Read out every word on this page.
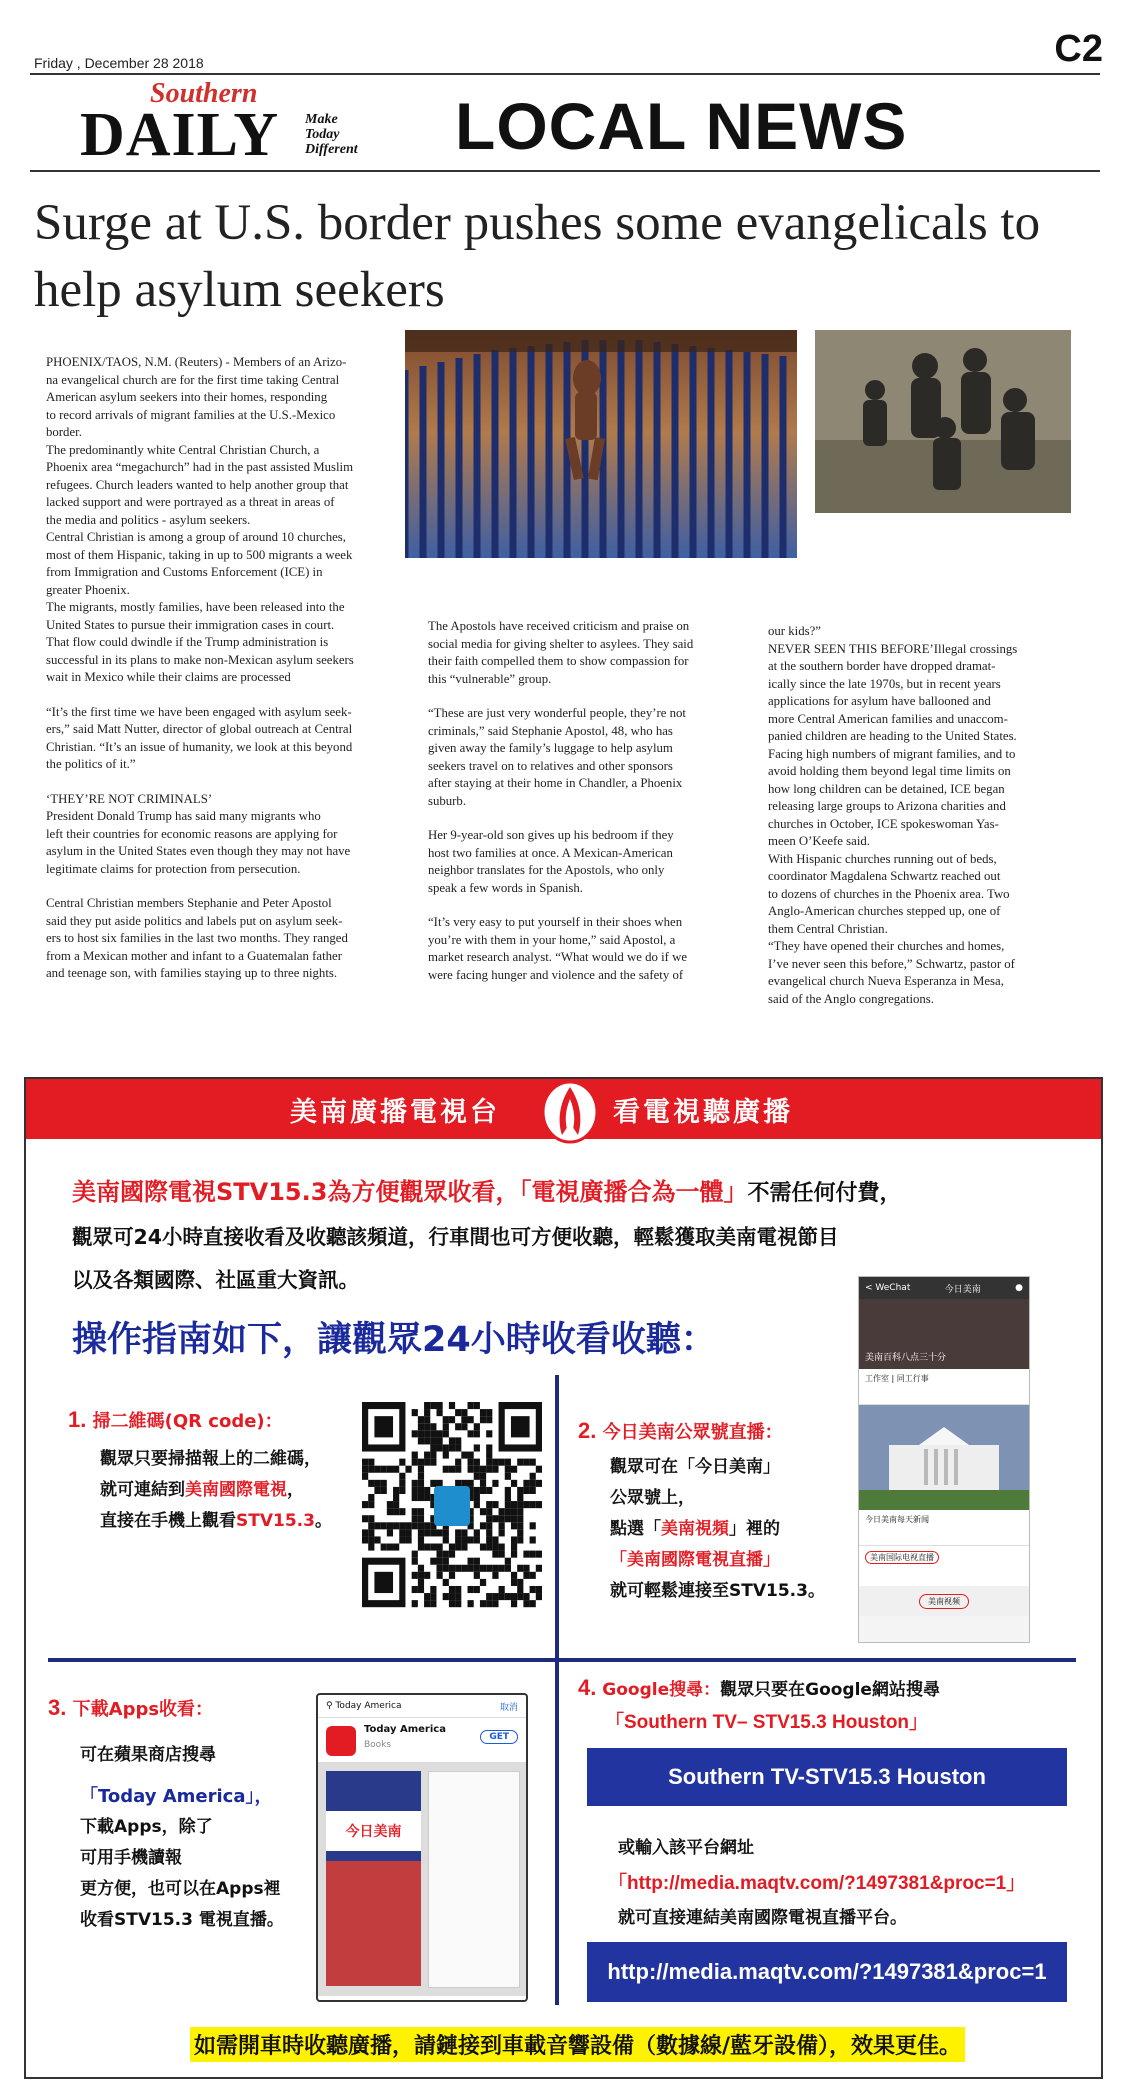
Friday , December 28 2018	C2
Southern
DAILY Make
Today
Different LOCAL NEWS
Surge at U.S. border pushes some evangelicals to help asylum seekers

PHOENIX/TAOS, N.M. (Reuters) - Members of an Arizo-

na evangelical church are for the first time taking Central

American asylum seekers into their homes, responding

to record arrivals of migrant families at the U.S.-Mexico

border.

The predominantly white Central Christian Church, a

Phoenix area “megachurch” had in the past assisted Muslim

refugees. Church leaders wanted to help another group that

lacked support and were portrayed as a threat in areas of

the media and politics - asylum seekers.

Central Christian is among a group of around 10 churches,

most of them Hispanic, taking in up to 500 migrants a week

from Immigration and Customs Enforcement (ICE) in

greater Phoenix.

The migrants, mostly families, have been released into the

United States to pursue their immigration cases in court.

That flow could dwindle if the Trump administration is

successful in its plans to make non-Mexican asylum seekers

wait in Mexico while their claims are processed

“It’s the first time we have been engaged with asylum seek-

ers,” said Matt Nutter, director of global outreach at Central

Christian. “It’s an issue of humanity, we look at this beyond

the politics of it.”

‘THEY’RE NOT CRIMINALS’

President Donald Trump has said many migrants who

left their countries for economic reasons are applying for

asylum in the United States even though they may not have

legitimate claims for protection from persecution.

Central Christian members Stephanie and Peter Apostol

said they put aside politics and labels put on asylum seek-

ers to host six families in the last two months. They ranged

from a Mexican mother and infant to a Guatemalan father

and teenage son, with families staying up to three nights.

The Apostols have received criticism and praise on

social media for giving shelter to asylees. They said

their faith compelled them to show compassion for

this “vulnerable” group.

“These are just very wonderful people, they’re not

criminals,” said Stephanie Apostol, 48, who has

given away the family’s luggage to help asylum

seekers travel on to relatives and other sponsors

after staying at their home in Chandler, a Phoenix

suburb.

Her 9-year-old son gives up his bedroom if they

host two families at once. A Mexican-American

neighbor translates for the Apostols, who only

speak a few words in Spanish.

“It’s very easy to put yourself in their shoes when

you’re with them in your home,” said Apostol, a

market research analyst. “What would we do if we

were facing hunger and violence and the safety of

our kids?”

NEVER SEEN THIS BEFORE’Illegal crossings

at the southern border have dropped dramat-

ically since the late 1970s, but in recent years

applications for asylum have ballooned and

more Central American families and unaccom-

panied children are heading to the United States.

Facing high numbers of migrant families, and to

avoid holding them beyond legal time limits on

how long children can be detained, ICE began

releasing large groups to Arizona charities and

churches in October, ICE spokeswoman Yas-

meen O’Keefe said.

With Hispanic churches running out of beds,

coordinator Magdalena Schwartz reached out

to dozens of churches in the Phoenix area. Two

Anglo-American churches stepped up, one of

them Central Christian.

“They have opened their churches and homes,

I’ve never seen this before,” Schwartz, pastor of

evangelical church Nueva Esperanza in Mesa,

said of the Anglo congregations.

美南廣播電視台	看電視聽廣播
美南國際電視STV15.3為方便觀眾收看，「電視廣播合為一體」不需任何付費，
觀眾可24小時直接收看及收聽該頻道，行車間也可方便收聽，輕鬆獲取美南電視節目
以及各類國際、社區重大資訊。
操作指南如下，讓觀眾24小時收看收聽：
1. 掃二維碼(QR code)：
觀眾只要掃描報上的二維碼，
就可連結到美南國際電視，
直接在手機上觀看STV15.3。
2. 今日美南公眾號直播：
觀眾可在「今日美南」
公眾號上，
點選「美南視頻」裡的
「美南國際電視直播」
就可輕鬆連接至STV15.3。
< WeChat	今日美南	●
美南百科八点三十分
工作室 | 同工行事
今日美南每天新闻
美南国际电视直播
美南视频
3. 下載Apps收看：
可在蘋果商店搜尋
「Today America」，
下載Apps，除了
可用手機讀報
更方便，也可以在Apps裡
收看STV15.3 電視直播。
⚲ Today America	取消
Today America
Books
GET
今日美南
4. Google搜尋：觀眾只要在Google網站搜尋
「Southern TV– STV15.3 Houston」
Southern TV-STV15.3 Houston
或輸入該平台網址
「http://media.maqtv.com/?1497381&proc=1」
就可直接連結美南國際電視直播平台。
http://media.maqtv.com/?1497381&proc=1
如需開車時收聽廣播，請鏈接到車載音響設備（數據線/藍牙設備），效果更佳。
